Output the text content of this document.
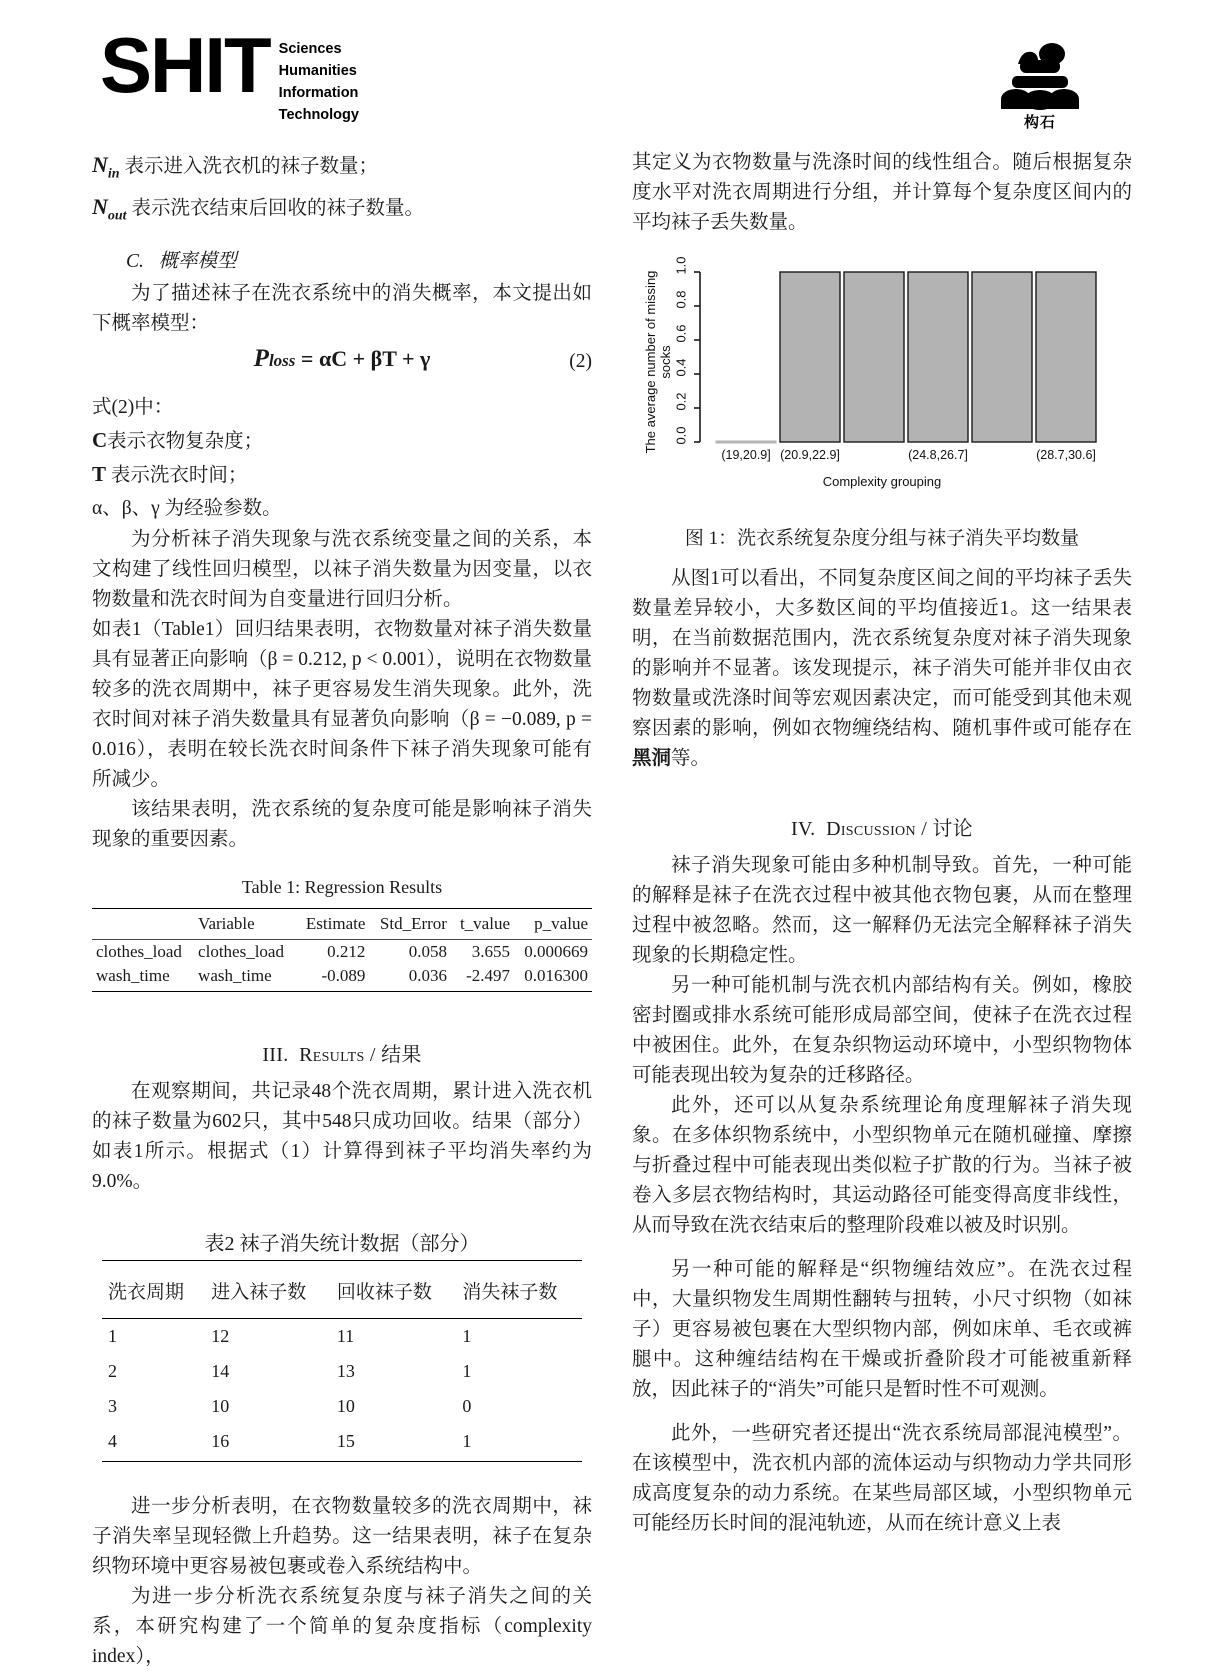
SHIT Sciences
Humanities
Information
Technology	构石
$N_{in}$ 表示进入洗衣机的袜子数量；
$N_{out}$ 表示洗衣结束后回收的袜子数量。
C. 概率模型

为了描述袜子在洗衣系统中的消失概率，本文提出如下概率模型：

Ploss = αC + βT + γ	(2)
式(2)中：
C表示衣物复杂度；
T 表示洗衣时间；
α、β、γ 为经验参数。

为分析袜子消失现象与洗衣系统变量之间的关系，本文构建了线性回归模型，以袜子消失数量为因变量，以衣物数量和洗衣时间为自变量进行回归分析。

如表1（Table1）回归结果表明，衣物数量对袜子消失数量具有显著正向影响（β = 0.212, p < 0.001），说明在衣物数量较多的洗衣周期中，袜子更容易发生消失现象。此外，洗衣时间对袜子消失数量具有显著负向影响（β = −0.089, p = 0.016），表明在较长洗衣时间条件下袜子消失现象可能有所减少。

该结果表明，洗衣系统的复杂度可能是影响袜子消失现象的重要因素。

Table 1: Regression Results
	Variable	Estimate	Std_Error	t_value	p_value
clothes_load	clothes_load	0.212	0.058	3.655	0.000669
wash_time	wash_time	-0.089	0.036	-2.497	0.016300
III. Results / 结果

在观察期间，共记录48个洗衣周期，累计进入洗衣机的袜子数量为602只，其中548只成功回收。结果（部分）如表1所示。根据式（1）计算得到袜子平均消失率约为9.0%。

表2 袜子消失统计数据（部分）
洗衣周期	进入袜子数	回收袜子数	消失袜子数
1	12	11	1
2	14	13	1
3	10	10	0
4	16	15	1

进一步分析表明，在衣物数量较多的洗衣周期中，袜子消失率呈现轻微上升趋势。这一结果表明，袜子在复杂织物环境中更容易被包裹或卷入系统结构中。

为进一步分析洗衣系统复杂度与袜子消失之间的关系，本研究构建了一个简单的复杂度指标（complexity index），

其定义为衣物数量与洗涤时间的线性组合。随后根据复杂度水平对洗衣周期进行分组，并计算每个复杂度区间内的平均袜子丢失数量。

The average number of missing socks
0.0
0.2
0.4
0.6
0.8
1.0
(19,20.9] (20.9,22.9]	(24.8,26.7]	(28.7,30.6]
Complexity grouping
图 1：洗衣系统复杂度分组与袜子消失平均数量

从图1可以看出，不同复杂度区间之间的平均袜子丢失数量差异较小，大多数区间的平均值接近1。这一结果表明，在当前数据范围内，洗衣系统复杂度对袜子消失现象的影响并不显著。该发现提示，袜子消失可能并非仅由衣物数量或洗涤时间等宏观因素决定，而可能受到其他未观察因素的影响，例如衣物缠绕结构、随机事件或可能存在黑洞等。

IV. Discussion / 讨论

袜子消失现象可能由多种机制导致。首先，一种可能的解释是袜子在洗衣过程中被其他衣物包裹，从而在整理过程中被忽略。然而，这一解释仍无法完全解释袜子消失现象的长期稳定性。

另一种可能机制与洗衣机内部结构有关。例如，橡胶密封圈或排水系统可能形成局部空间，使袜子在洗衣过程中被困住。此外，在复杂织物运动环境中，小型织物物体可能表现出较为复杂的迁移路径。

此外，还可以从复杂系统理论角度理解袜子消失现象。在多体织物系统中，小型织物单元在随机碰撞、摩擦与折叠过程中可能表现出类似粒子扩散的行为。当袜子被卷入多层衣物结构时，其运动路径可能变得高度非线性，从而导致在洗衣结束后的整理阶段难以被及时识别。

另一种可能的解释是“织物缠结效应”。在洗衣过程中，大量织物发生周期性翻转与扭转，小尺寸织物（如袜子）更容易被包裹在大型织物内部，例如床单、毛衣或裤腿中。这种缠结结构在干燥或折叠阶段才可能被重新释放，因此袜子的“消失”可能只是暂时性不可观测。

此外，一些研究者还提出“洗衣系统局部混沌模型”。在该模型中，洗衣机内部的流体运动与织物动力学共同形成高度复杂的动力系统。在某些局部区域，小型织物单元可能经历长时间的混沌轨迹，从而在统计意义上表
